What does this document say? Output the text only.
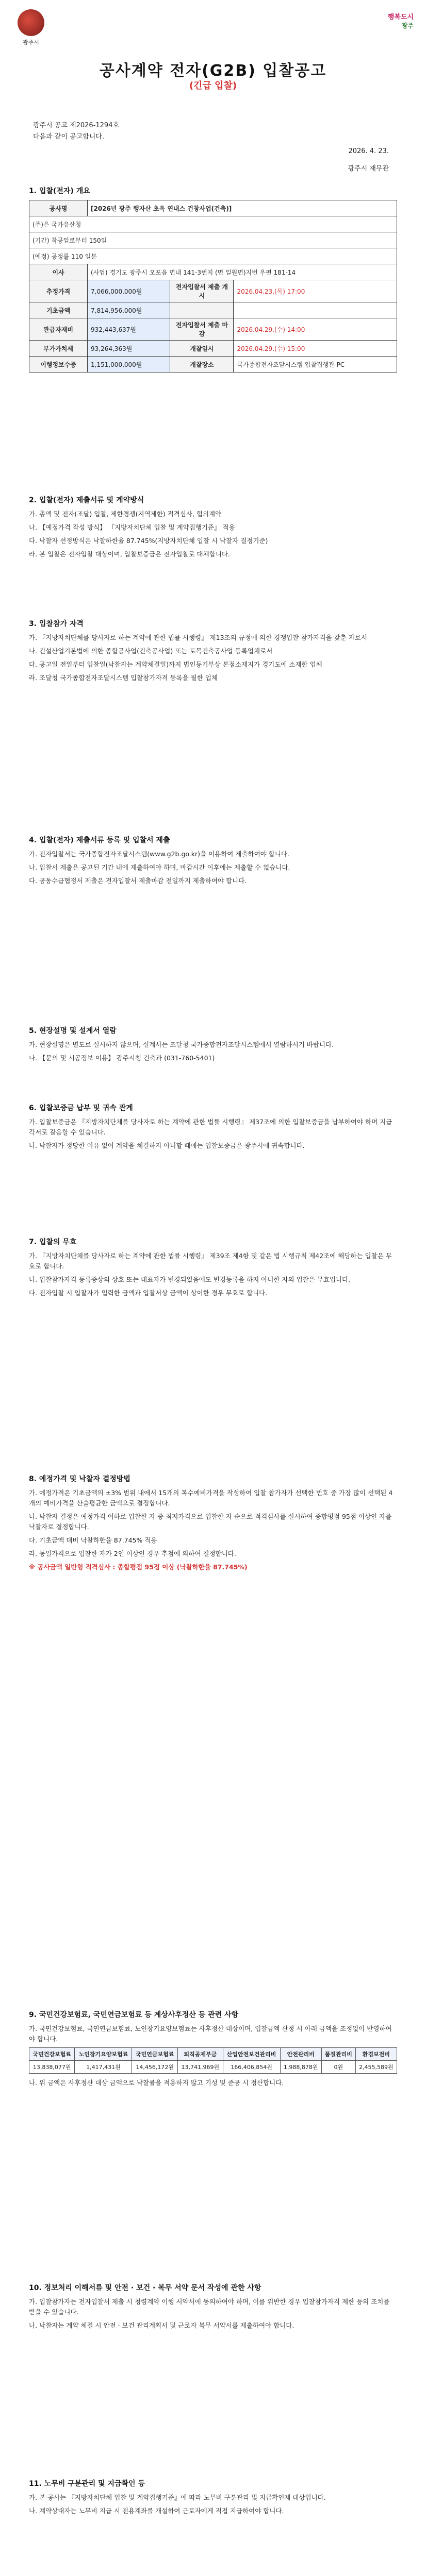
광주시
행복도시
광주
공사계약 전자(G2B) 입찰공고
(긴급 입찰)
광주시 공고 제2026-1294호
다음과 같이 공고합니다.
2026. 4. 23.
광주시 재무관
1. 입찰(전자) 개요
공사명	[2026년 광주 행자산 초옥 연내스 건창사업(건축)]		
(주)은 국가유산청			
(기간) 착공일로부터 150일			
(예정) 공정률 110 일분			
이사	(사업) 경기도 광주시 오포읍 면내 141-3번지 (면 일원면)지번 우편 181-14		
추정가격	7,066,000,000원	전자입찰서 제출 개시	2026.04.23.(목) 17:00
기초금액	7,814,956,000원		
관급자재비	932,443,637원	전자입찰서 제출 마감	2026.04.29.(수) 14:00
부가가치세	93,264,363원	개찰일시	2026.04.29.(수) 15:00
이행정보수증	1,151,000,000원	개찰장소	국가종합전자조달시스템 입찰집행관 PC
2. 입찰(전자) 제출서류 및 계약방식

가. 총액 및 전자(조달) 입찰, 제한경쟁(지역제한) 적격심사, 협의계약

나. 【예정가격 작성 방식】 『지방자치단체 입찰 및 계약집행기준』 적용

다. 낙찰자 선정방식은 낙찰하한율 87.745%(지방자치단체 입찰 시 낙찰자 결정기준)

라. 본 입찰은 전자입찰 대상이며, 입찰보증금은 전자입찰로 대체합니다.

3. 입찰참가 자격

가. 『지방자치단체를 당사자로 하는 계약에 관한 법률 시행령』 제13조의 규정에 의한 경쟁입찰 참가자격을 갖춘 자로서

나. 건설산업기본법에 의한 종합공사업(건축공사업) 또는 토목건축공사업 등록업체로서

다. 공고일 전일부터 입찰일(낙찰자는 계약체결일)까지 법인등기부상 본점소재지가 경기도에 소재한 업체

라. 조달청 국가종합전자조달시스템 입찰참가자격 등록을 필한 업체

4. 입찰(전자) 제출서류 등록 및 입찰서 제출

가. 전자입찰서는 국가종합전자조달시스템(www.g2b.go.kr)을 이용하여 제출하여야 합니다.

나. 입찰서 제출은 공고된 기간 내에 제출하여야 하며, 마감시간 이후에는 제출할 수 없습니다.

다. 공동수급협정서 제출은 전자입찰서 제출마감 전일까지 제출하여야 합니다.

5. 현장설명 및 설계서 열람

가. 현장설명은 별도로 실시하지 않으며, 설계서는 조달청 국가종합전자조달시스템에서 열람하시기 바랍니다.

나. 【문의 및 시공정보 이용】 광주시청 건축과 (031-760-5401)

6. 입찰보증금 납부 및 귀속 관계

가. 입찰보증금은 『지방자치단체를 당사자로 하는 계약에 관한 법률 시행령』 제37조에 의한 입찰보증금을 납부하여야 하며 지급각서로 갈음할 수 있습니다.

나. 낙찰자가 정당한 이유 없이 계약을 체결하지 아니할 때에는 입찰보증금은 광주시에 귀속합니다.

7. 입찰의 무효

가. 『지방자치단체를 당사자로 하는 계약에 관한 법률 시행령』 제39조 제4항 및 같은 법 시행규칙 제42조에 해당하는 입찰은 무효로 합니다.

나. 입찰참가자격 등록증상의 상호 또는 대표자가 변경되었음에도 변경등록을 하지 아니한 자의 입찰은 무효입니다.

다. 전자입찰 시 입찰자가 입력한 금액과 입찰서상 금액이 상이한 경우 무효로 합니다.

8. 예정가격 및 낙찰자 결정방법

가. 예정가격은 기초금액의 ±3% 범위 내에서 15개의 복수예비가격을 작성하여 입찰 참가자가 선택한 번호 중 가장 많이 선택된 4개의 예비가격을 산술평균한 금액으로 결정합니다.

나. 낙찰자 결정은 예정가격 이하로 입찰한 자 중 최저가격으로 입찰한 자 순으로 적격심사를 실시하여 종합평점 95점 이상인 자를 낙찰자로 결정합니다.

다. 기초금액 대비 낙찰하한율 87.745% 적용

라. 동일가격으로 입찰한 자가 2인 이상인 경우 추첨에 의하여 결정합니다.

※ 공사금액 일반형 적격심사 : 종합평점 95점 이상 (낙찰하한율 87.745%)

9. 국민건강보험료, 국민연금보험료 등 계상사후정산 등 관련 사항

가. 국민건강보험료, 국민연금보험료, 노인장기요양보험료는 사후정산 대상이며, 입찰금액 산정 시 아래 금액을 조정없이 반영하여야 합니다.

국민건강보험료	노인장기요양보험료	국민연금보험료	퇴직공제부금	산업안전보건관리비	안전관리비	품질관리비	환경보전비
13,838,077원	1,417,431원	14,456,172원	13,741,969원	166,406,854원	1,988,878원	0원	2,455,589원

나. 위 금액은 사후정산 대상 금액으로 낙찰률을 적용하지 않고 기성 및 준공 시 정산합니다.

10. 정보처리 이해서류 및 안전 · 보건 · 복무 서약 문서 작성에 관한 사항

가. 입찰참가자는 전자입찰서 제출 시 청렴계약 이행 서약서에 동의하여야 하며, 이를 위반한 경우 입찰참가자격 제한 등의 조치를 받을 수 있습니다.

나. 낙찰자는 계약 체결 시 안전 · 보건 관리계획서 및 근로자 복무 서약서를 제출하여야 합니다.

11. 노무비 구분관리 및 지급확인 등

가. 본 공사는 『지방자치단체 입찰 및 계약집행기준』에 따라 노무비 구분관리 및 지급확인제 대상입니다.

나. 계약상대자는 노무비 지급 시 전용계좌를 개설하여 근로자에게 직접 지급하여야 합니다.
